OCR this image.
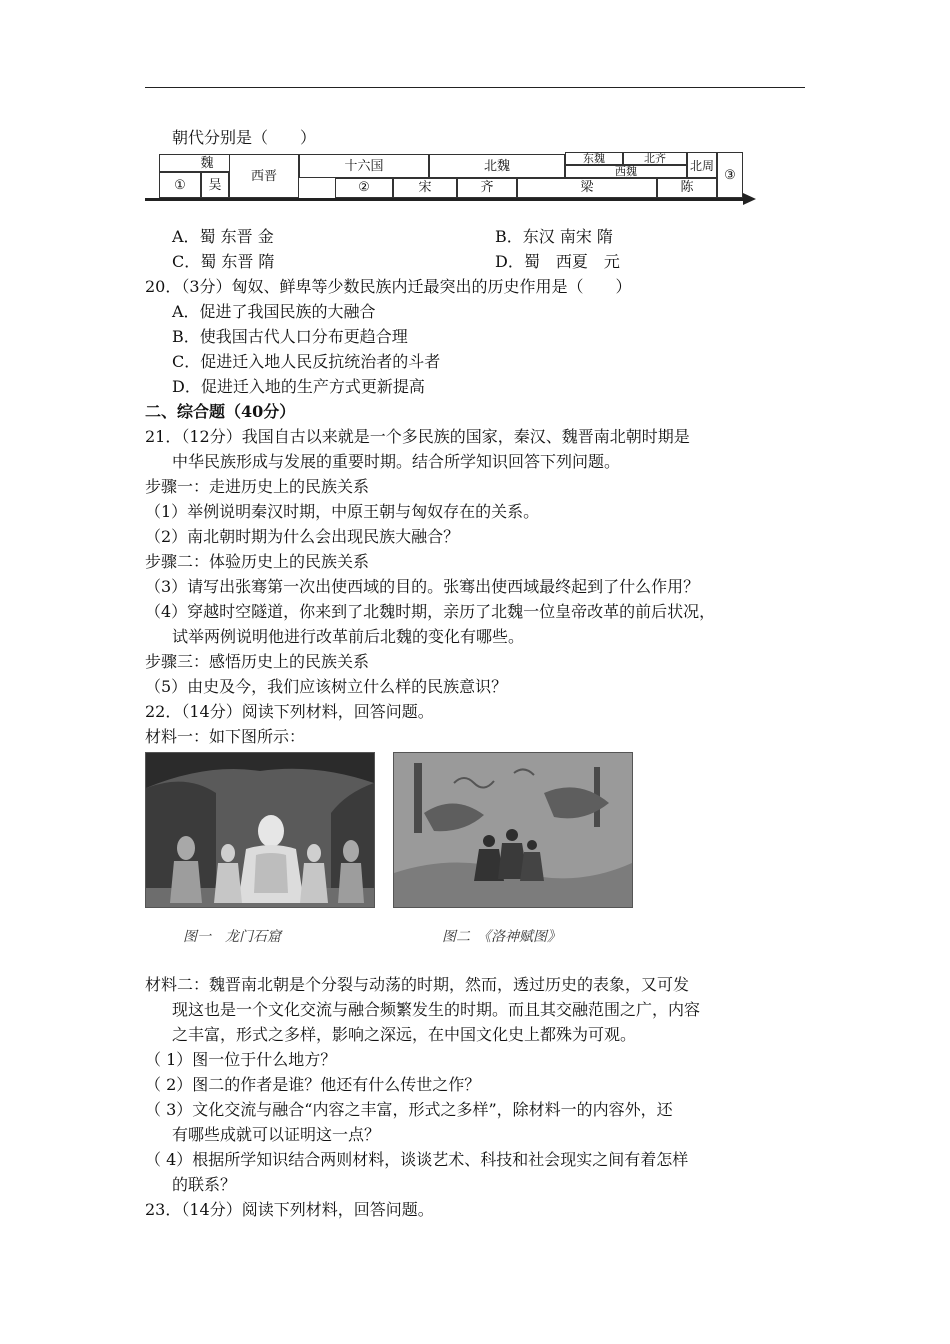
朝代分别是（　　）
魏
①	吴
西晋
十六国	北魏
东魏	北齐
西魏	北周
③
②	宋	齐	梁	陈
A．蜀 东晋 金	B．东汉 南宋 隋
C．蜀 东晋 隋	D．蜀　西夏　元
20．（3分）匈奴、鲜卑等少数民族内迁最突出的历史作用是（　　）
A．促进了我国民族的大融合
B．使我国古代人口分布更趋合理
C．促进迁入地人民反抗统治者的斗者
D．促进迁入地的生产方式更新提高
二、综合题（40分）
21．（12分）我国自古以来就是一个多民族的国家，秦汉、魏晋南北朝时期是
中华民族形成与发展的重要时期。结合所学知识回答下列问题。
步骤一：走进历史上的民族关系
（1）举例说明秦汉时期，中原王朝与匈奴存在的关系。
（2）南北朝时期为什么会出现民族大融合？
步骤二：体验历史上的民族关系
（3）请写出张骞第一次出使西域的目的。张骞出使西域最终起到了什么作用？
（4）穿越时空隧道，你来到了北魏时期，亲历了北魏一位皇帝改革的前后状况，
试举两例说明他进行改革前后北魏的变化有哪些。
步骤三：感悟历史上的民族关系
（5）由史及今，我们应该树立什么样的民族意识？
22．（14分）阅读下列材料，回答问题。
材料一：如下图所示：
图一　龙门石窟	图二　《洛神赋图》
材料二：魏晋南北朝是个分裂与动荡的时期，然而，透过历史的表象，又可发
现这也是一个文化交流与融合频繁发生的时期。而且其交融范围之广，内容
之丰富，形式之多样，影响之深远，在中国文化史上都殊为可观。
（ 1）图一位于什么地方？
（ 2）图二的作者是谁？他还有什么传世之作？
（ 3）文化交流与融合“内容之丰富，形式之多样”，除材料一的内容外，还
有哪些成就可以证明这一点？
（ 4）根据所学知识结合两则材料，谈谈艺术、科技和社会现实之间有着怎样
的联系？
23．（14分）阅读下列材料，回答问题。
